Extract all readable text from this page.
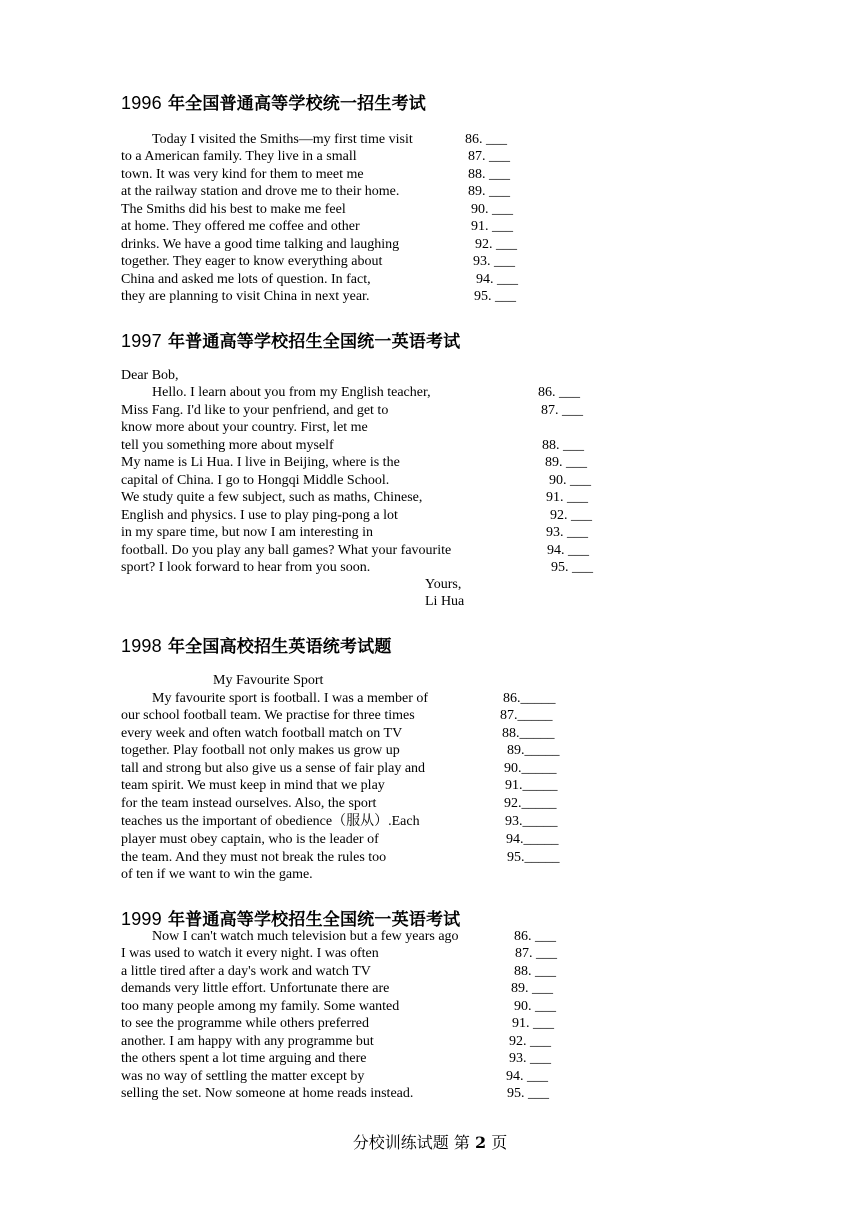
1996 年全国普通高等学校统一招生考试
Today I visited the Smiths—my first time visit
to a American family. They live in a small
town. It was very kind for them to meet me
at the railway station and drove me to their home.
The Smiths did his best to make me feel
at home. They offered me coffee and other
drinks. We have a good time talking and laughing
together. They eager to know everything about
China and asked me lots of question. In fact,
they are planning to visit China in next year.
86. ___
87. ___
88. ___
89. ___
90. ___
91. ___
92. ___
93. ___
94. ___
95. ___
1997 年普通高等学校招生全国统一英语考试
Dear Bob,
Hello. I learn about you from my English teacher,
Miss Fang. I'd like to your penfriend, and get to
know more about your country. First, let me
tell you something more about myself
My name is Li Hua. I live in Beijing, where is the
capital of China. I go to Hongqi Middle School.
We study quite a few subject, such as maths, Chinese,
English and physics. I use to play ping-pong a lot
in my spare time, but now I am interesting in
football. Do you play any ball games? What your favourite
sport? I look forward to hear from you soon.
86. ___
87. ___
88. ___
89. ___
90. ___
91. ___
92. ___
93. ___
94. ___
95. ___
Yours,
Li Hua
1998 年全国高校招生英语统考试题
My Favourite Sport
My favourite sport is football. I was a member of
our school football team. We practise for three times
every week and often watch football match on TV
together. Play football not only makes us grow up
tall and strong but also give us a sense of fair play and
team spirit. We must keep in mind that we play
for the team instead ourselves. Also, the sport
teaches us the important of obedience（服从）.Each
player must obey captain, who is the leader of
the team. And they must not break the rules too
of ten if we want to win the game.
86._____
87._____
88._____
89._____
90._____
91._____
92._____
93._____
94._____
95._____
1999 年普通高等学校招生全国统一英语考试
Now I can't watch much television but a few years ago
I was used to watch it every night. I was often
a little tired after a day's work and watch TV
demands very little effort. Unfortunate there are
too many people among my family. Some wanted
to see the programme while others preferred
another. I am happy with any programme but
the others spent a lot time arguing and there
was no way of settling the matter except by
selling the set. Now someone at home reads instead.
86. ___
87. ___
88. ___
89. ___
90. ___
91. ___
92. ___
93. ___
94. ___
95. ___
分校训练试题 第 2 页
